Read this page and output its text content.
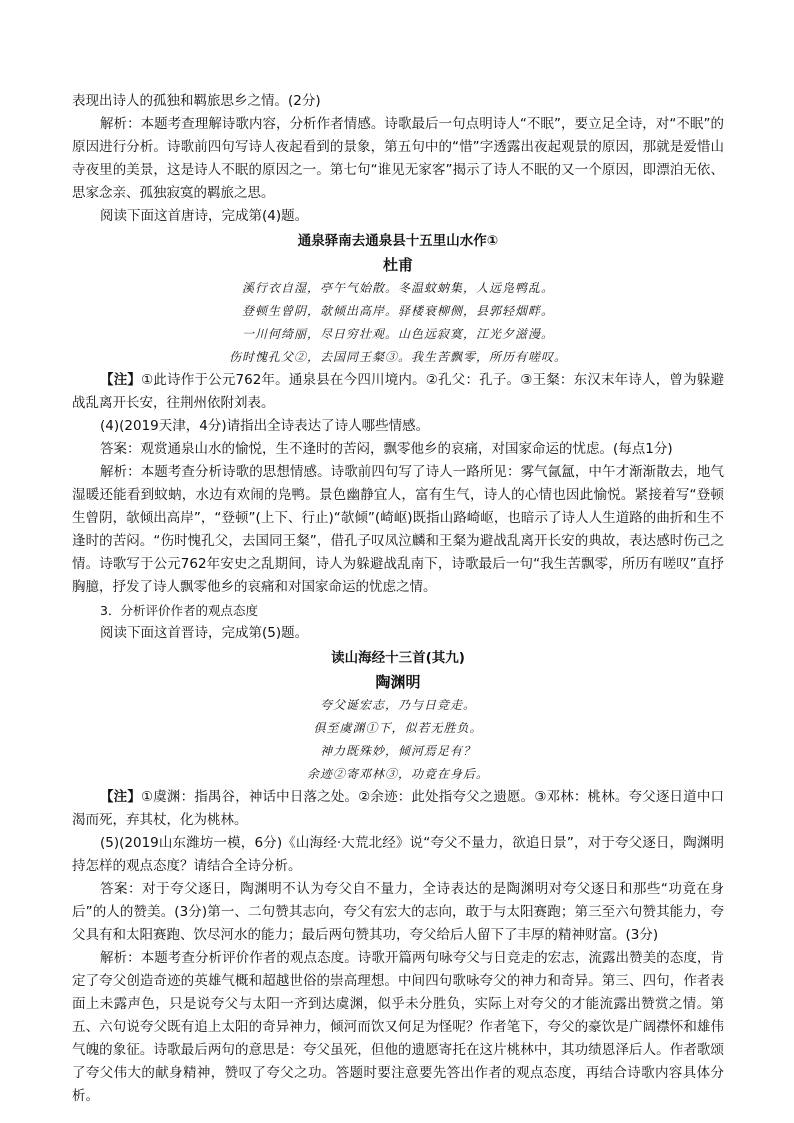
表现出诗人的孤独和羁旅思乡之情。(2分)

解析：本题考查理解诗歌内容，分析作者情感。诗歌最后一句点明诗人“不眠”，要立足全诗，对“不眠”的原因进行分析。诗歌前四句写诗人夜起看到的景象，第五句中的“惜”字透露出夜起观景的原因，那就是爱惜山寺夜里的美景，这是诗人不眠的原因之一。第七句“谁见无家客”揭示了诗人不眠的又一个原因，即漂泊无依、思家念亲、孤独寂寞的羁旅之思。

阅读下面这首唐诗，完成第(4)题。

通泉驿南去通泉县十五里山水作①

杜甫

溪行衣自湿，亭午气始散。冬温蚊蚋集，人远凫鸭乱。

登顿生曾阴，欹倾出高岸。驿楼衰柳侧，县郭轻烟畔。

一川何绮丽，尽日穷壮观。山色远寂寞，江光夕滋漫。

伤时愧孔父②，去国同王粲③。我生苦飘零，所历有嗟叹。

【注】①此诗作于公元762年。通泉县在今四川境内。②孔父：孔子。③王粲：东汉末年诗人，曾为躲避战乱离开长安，往荆州依附刘表。

(4)(2019天津，4分)请指出全诗表达了诗人哪些情感。

答案：观赏通泉山水的愉悦，生不逢时的苦闷，飘零他乡的哀痛，对国家命运的忧虑。(每点1分)

解析：本题考查分析诗歌的思想情感。诗歌前四句写了诗人一路所见：雾气氤氲，中午才渐渐散去，地气湿暖还能看到蚊蚋，水边有欢闹的凫鸭。景色幽静宜人，富有生气，诗人的心情也因此愉悦。紧接着写“登顿生曾阴，欹倾出高岸”，“登顿”(上下、行止)“欹倾”(崎岖)既指山路崎岖，也暗示了诗人人生道路的曲折和生不逢时的苦闷。“伤时愧孔父，去国同王粲”，借孔子叹凤泣麟和王粲为避战乱离开长安的典故，表达感时伤己之情。诗歌写于公元762年安史之乱期间，诗人为躲避战乱南下，诗歌最后一句“我生苦飘零，所历有嗟叹”直抒胸臆，抒发了诗人飘零他乡的哀痛和对国家命运的忧虑之情。

3．分析评价作者的观点态度

阅读下面这首晋诗，完成第(5)题。

读山海经十三首(其九)

陶渊明

夸父诞宏志，乃与日竞走。

俱至虞渊①下，似若无胜负。

神力既殊妙，倾河焉足有？

余迹②寄邓林③，功竟在身后。

【注】①虞渊：指禺谷，神话中日落之处。②余迹：此处指夸父之遗愿。③邓林：桃林。夸父逐日道中口渴而死，弃其杖，化为桃林。

(5)(2019山东潍坊一模，6分)《山海经·大荒北经》说“夸父不量力，欲追日景”，对于夸父逐日，陶渊明持怎样的观点态度？请结合全诗分析。

答案：对于夸父逐日，陶渊明不认为夸父自不量力，全诗表达的是陶渊明对夸父逐日和那些“功竟在身后”的人的赞美。(3分)第一、二句赞其志向，夸父有宏大的志向，敢于与太阳赛跑；第三至六句赞其能力，夸父具有和太阳赛跑、饮尽河水的能力；最后两句赞其功，夸父给后人留下了丰厚的精神财富。(3分)

解析：本题考查分析评价作者的观点态度。诗歌开篇两句咏夸父与日竞走的宏志，流露出赞美的态度，肯定了夸父创造奇迹的英雄气概和超越世俗的崇高理想。中间四句歌咏夸父的神力和奇异。第三、四句，作者表面上未露声色，只是说夸父与太阳一齐到达虞渊，似乎未分胜负，实际上对夸父的才能流露出赞赏之情。第五、六句说夸父既有追上太阳的奇异神力，倾河而饮又何足为怪呢？作者笔下，夸父的豪饮是广阔襟怀和雄伟气魄的象征。诗歌最后两句的意思是：夸父虽死，但他的遗愿寄托在这片桃林中，其功绩恩泽后人。作者歌颂了夸父伟大的献身精神，赞叹了夸父之功。答题时要注意要先答出作者的观点态度，再结合诗歌内容具体分析。
